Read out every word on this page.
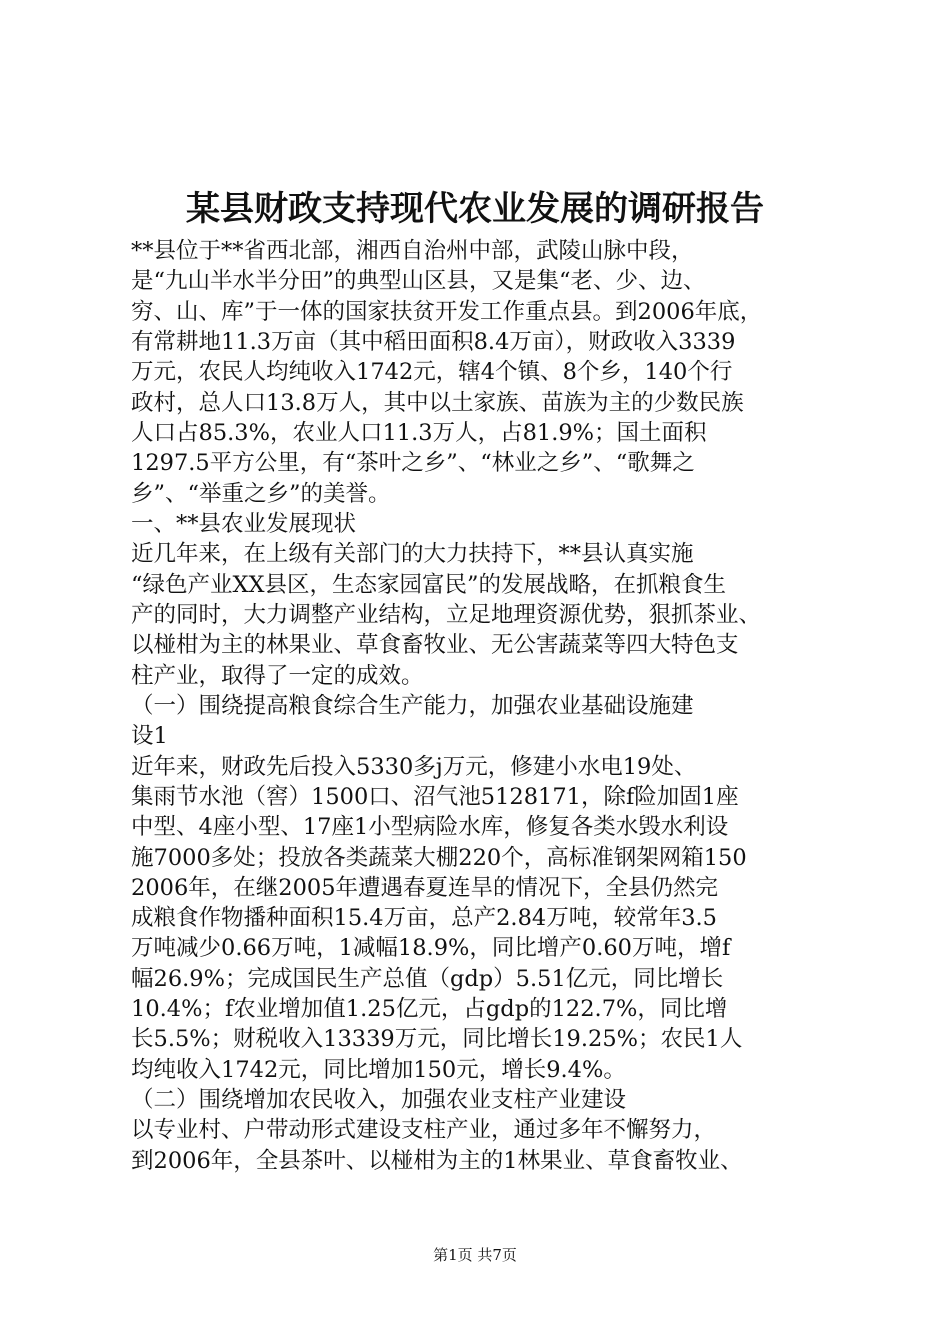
某县财政支持现代农业发展的调研报告

**县位于**省西北部，湘西自治州中部，武陵山脉中段，

是“九山半水半分田”的典型山区县，又是集“老、少、边、

穷、山、库”于一体的国家扶贫开发工作重点县。到2006年底，

有常耕地11.3万亩（其中稻田面积8.4万亩），财政收入3339

万元，农民人均纯收入1742元，辖4个镇、8个乡，140个行

政村，总人口13.8万人，其中以土家族、苗族为主的少数民族

人口占85.3%，农业人口11.3万人，占81.9%；国土面积

1297.5平方公里，有“茶叶之乡”、“林业之乡”、“歌舞之

乡”、“举重之乡”的美誉。

一、**县农业发展现状

近几年来，在上级有关部门的大力扶持下，**县认真实施

“绿色产业XX县区，生态家园富民”的发展战略，在抓粮食生

产的同时，大力调整产业结构，立足地理资源优势，狠抓茶业、

以椪柑为主的林果业、草食畜牧业、无公害蔬菜等四大特色支

柱产业，取得了一定的成效。

（一）围绕提高粮食综合生产能力，加强农业基础设施建

设1

近年来，财政先后投入5330多j万元，修建小水电19处、

集雨节水池（窖）1500口、沼气池5128171，除f险加固1座

中型、4座小型、17座1小型病险水库，修复各类水毁水利设

施7000多处；投放各类蔬菜大棚220个，高标准钢架网箱150

2006年，在继2005年遭遇春夏连旱的情况下，全县仍然完

成粮食作物播种面积15.4万亩，总产2.84万吨，较常年3.5

万吨减少0.66万吨，1减幅18.9%，同比增产0.60万吨，增f

幅26.9%；完成国民生产总值（gdp）5.51亿元，同比增长

10.4%；f农业增加值1.25亿元，占gdp的122.7%，同比增

长5.5%；财税收入13339万元，同比增长19.25%；农民1人

均纯收入1742元，同比增加150元，增长9.4%。

（二）围绕增加农民收入，加强农业支柱产业建设

以专业村、户带动形式建设支柱产业，通过多年不懈努力，

到2006年，全县茶叶、以椪柑为主的1林果业、草食畜牧业、

第1页 共7页
